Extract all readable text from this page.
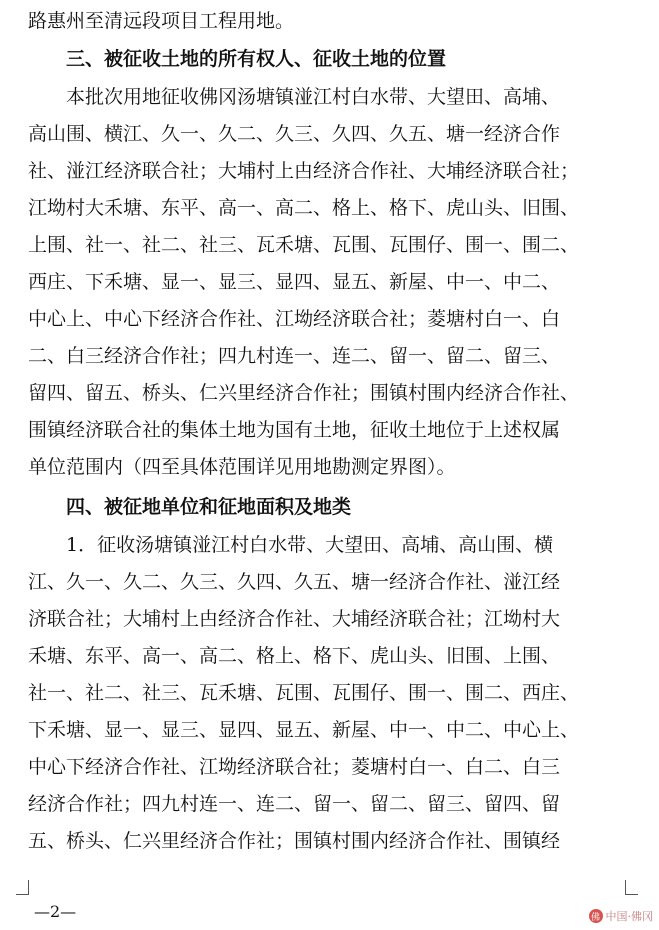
路惠州至清远段项目工程用地。
三、被征收土地的所有权人、征收土地的位置
本批次用地征收佛冈汤塘镇湴江村白水带、大望田、高埔、
高山围、横江、久一、久二、久三、久四、久五、塘一经济合作
社、湴江经济联合社；大埔村上甴经济合作社、大埔经济联合社；
江坳村大禾塘、东平、高一、高二、格上、格下、虎山头、旧围、
上围、社一、社二、社三、瓦禾塘、瓦围、瓦围仔、围一、围二、
西庄、下禾塘、显一、显三、显四、显五、新屋、中一、中二、
中心上、中心下经济合作社、江坳经济联合社；菱塘村白一、白
二、白三经济合作社；四九村连一、连二、留一、留二、留三、
留四、留五、桥头、仁兴里经济合作社；围镇村围内经济合作社、
围镇经济联合社的集体土地为国有土地，征收土地位于上述权属
单位范围内（四至具体范围详见用地勘测定界图）。
四、被征地单位和征地面积及地类
1．征收汤塘镇湴江村白水带、大望田、高埔、高山围、横
江、久一、久二、久三、久四、久五、塘一经济合作社、湴江经
济联合社；大埔村上甴经济合作社、大埔经济联合社；江坳村大
禾塘、东平、高一、高二、格上、格下、虎山头、旧围、上围、
社一、社二、社三、瓦禾塘、瓦围、瓦围仔、围一、围二、西庄、
下禾塘、显一、显三、显四、显五、新屋、中一、中二、中心上、
中心下经济合作社、江坳经济联合社；菱塘村白一、白二、白三
经济合作社；四九村连一、连二、留一、留二、留三、留四、留
五、桥头、仁兴里经济合作社；围镇村围内经济合作社、围镇经
—2—	佛 中国·佛冈
